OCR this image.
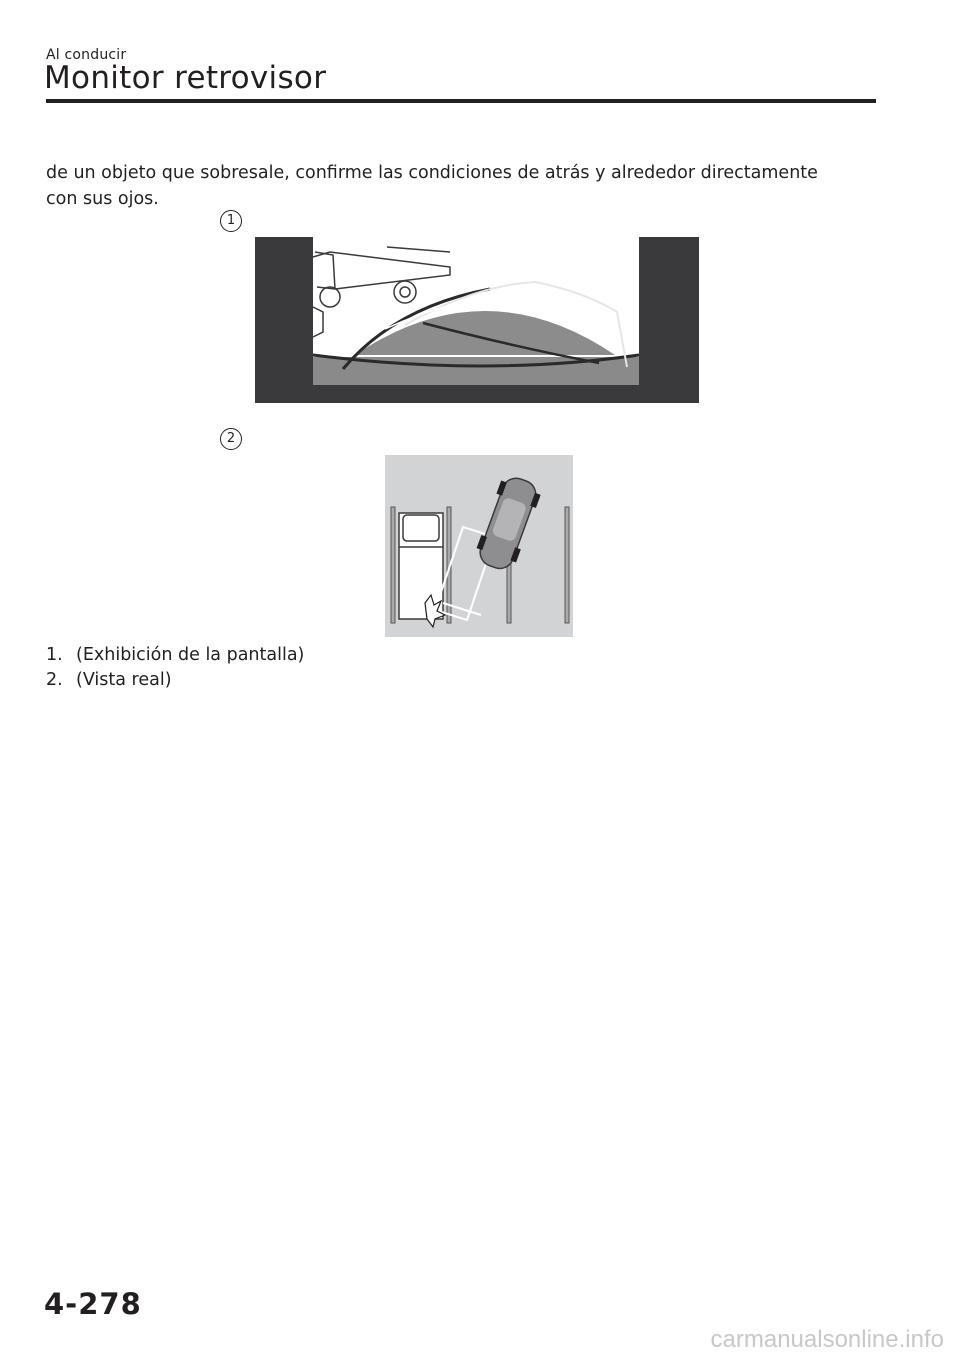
Al conducir
Monitor retrovisor

de un objeto que sobresale, confirme las condiciones de atrás y alrededor directamente con sus ojos.

1
2
1. (Exhibición de la pantalla)
2. (Vista real)
4-278
carmanualsonline.info
